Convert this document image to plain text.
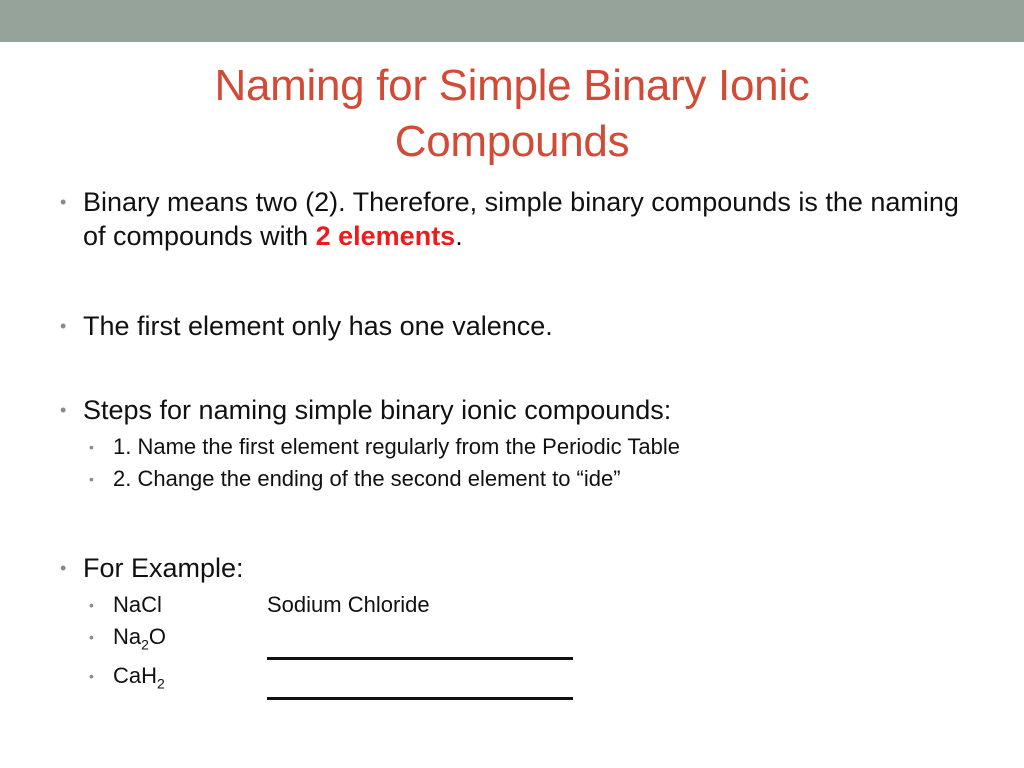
Naming for Simple Binary Ionic
Compounds
• Binary means two (2). Therefore, simple binary compounds is the naming of compounds with 2 elements.
• The first element only has one valence.
• Steps for naming simple binary ionic compounds:
• 1. Name the first element regularly from the Periodic Table
• 2. Change the ending of the second element to “ide”
• For Example:
• NaCl	Sodium Chloride
• $Na_2O$
• CaH$_2$
